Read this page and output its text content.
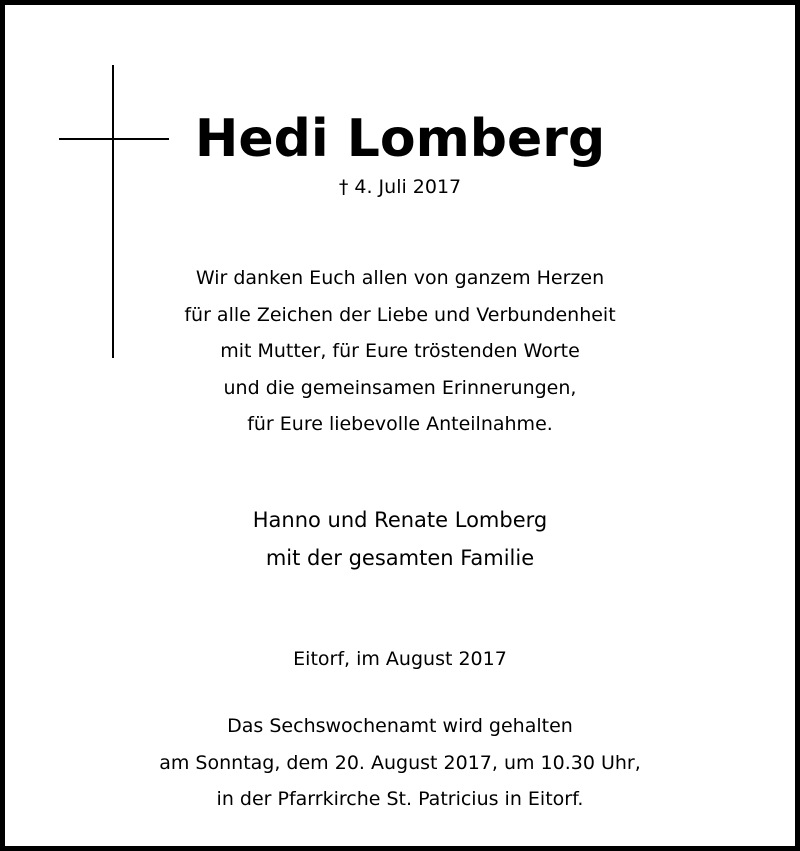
Hedi Lomberg
† 4. Juli 2017
Wir danken Euch allen von ganzem Herzen
für alle Zeichen der Liebe und Verbundenheit
mit Mutter, für Eure tröstenden Worte
und die gemeinsamen Erinnerungen,
für Eure liebevolle Anteilnahme.
Hanno und Renate Lomberg
mit der gesamten Familie
Eitorf, im August 2017
Das Sechswochenamt wird gehalten
am Sonntag, dem 20. August 2017, um 10.30 Uhr,
in der Pfarrkirche St. Patricius in Eitorf.
